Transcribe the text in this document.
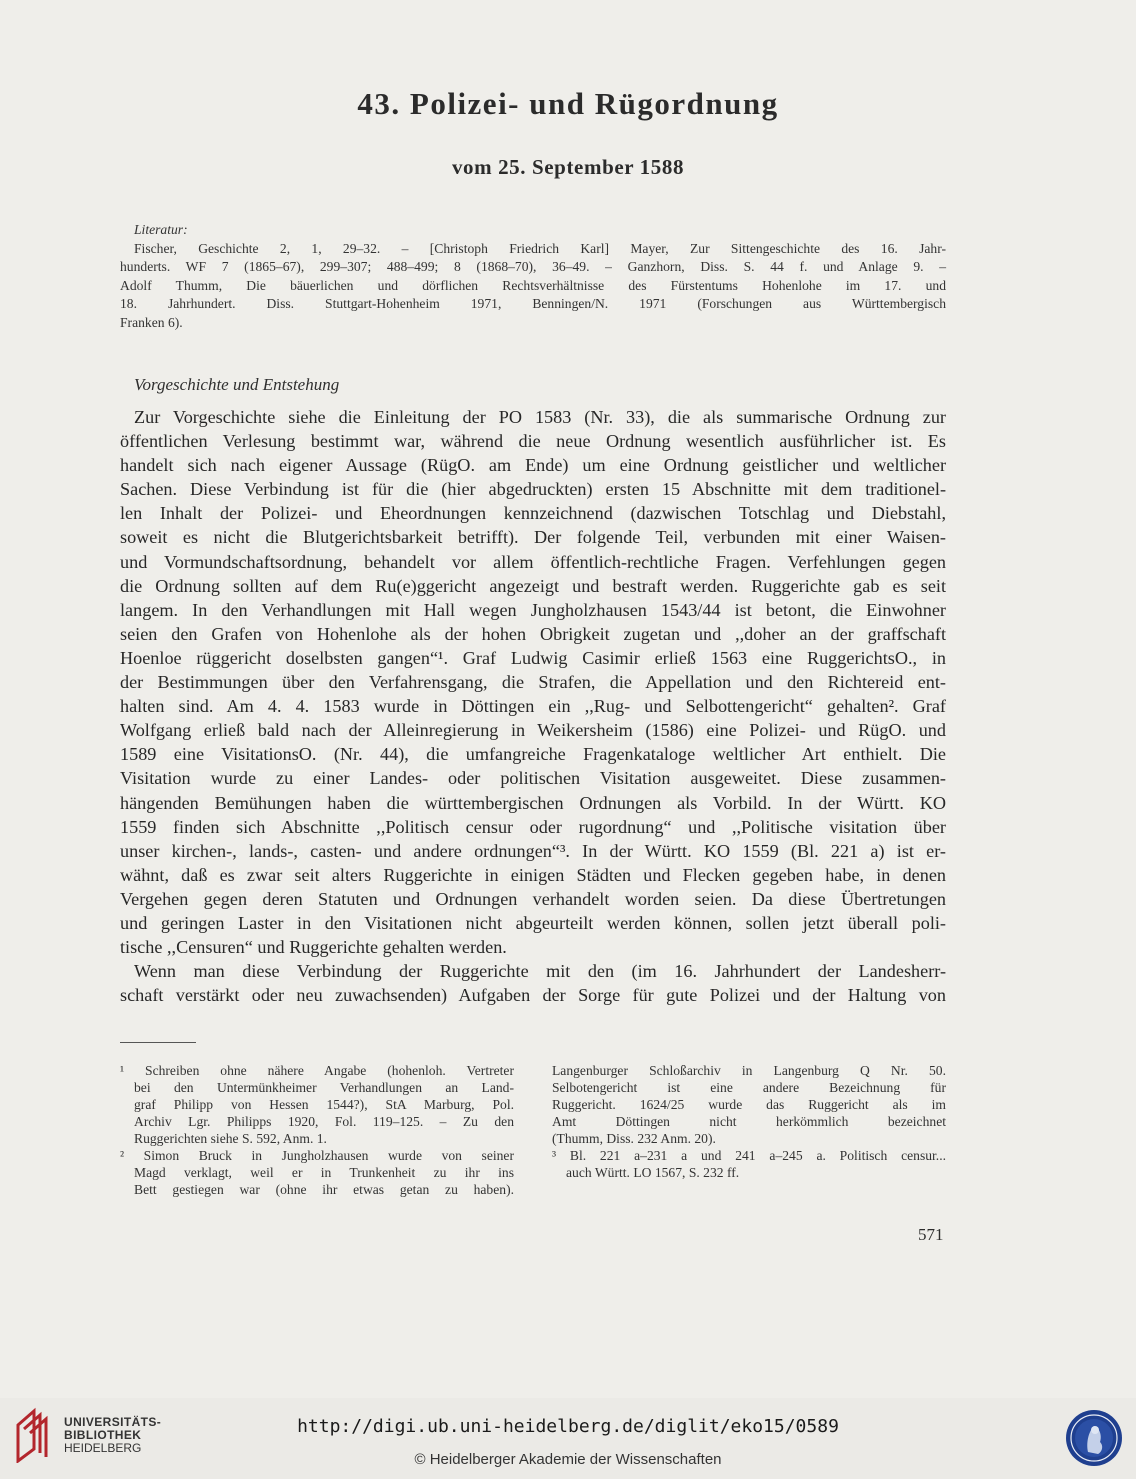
43. Polizei- und Rügordnung
vom 25. September 1588
Literatur:
Fischer, Geschichte 2, 1, 29–32. – [Christoph Friedrich Karl] Mayer, Zur Sittengeschichte des 16. Jahr-
hunderts. WF 7 (1865–67), 299–307; 488–499; 8 (1868–70), 36–49. – Ganzhorn, Diss. S. 44 f. und Anlage 9. –
Adolf Thumm, Die bäuerlichen und dörflichen Rechtsverhältnisse des Fürstentums Hohenlohe im 17. und
18. Jahrhundert. Diss. Stuttgart-Hohenheim 1971, Benningen/N. 1971 (Forschungen aus Württembergisch
Franken 6).
Vorgeschichte und Entstehung
Zur Vorgeschichte siehe die Einleitung der PO 1583 (Nr. 33), die als summarische Ordnung zur
öffentlichen Verlesung bestimmt war, während die neue Ordnung wesentlich ausführlicher ist. Es
handelt sich nach eigener Aussage (RügO. am Ende) um eine Ordnung geistlicher und weltlicher
Sachen. Diese Verbindung ist für die (hier abgedruckten) ersten 15 Abschnitte mit dem traditionel-
len Inhalt der Polizei- und Eheordnungen kennzeichnend (dazwischen Totschlag und Diebstahl,
soweit es nicht die Blutgerichtsbarkeit betrifft). Der folgende Teil, verbunden mit einer Waisen-
und Vormundschaftsordnung, behandelt vor allem öffentlich-rechtliche Fragen. Verfehlungen gegen
die Ordnung sollten auf dem Ru(e)ggericht angezeigt und bestraft werden. Ruggerichte gab es seit
langem. In den Verhandlungen mit Hall wegen Jungholzhausen 1543/44 ist betont, die Einwohner
seien den Grafen von Hohenlohe als der hohen Obrigkeit zugetan und ,,doher an der graffschaft
Hoenloe rüggericht doselbsten gangen“¹. Graf Ludwig Casimir erließ 1563 eine RuggerichtsO., in
der Bestimmungen über den Verfahrensgang, die Strafen, die Appellation und den Richtereid ent-
halten sind. Am 4. 4. 1583 wurde in Döttingen ein ,,Rug- und Selbottengericht“ gehalten². Graf
Wolfgang erließ bald nach der Alleinregierung in Weikersheim (1586) eine Polizei- und RügO. und
1589 eine VisitationsO. (Nr. 44), die umfangreiche Fragenkataloge weltlicher Art enthielt. Die
Visitation wurde zu einer Landes- oder politischen Visitation ausgeweitet. Diese zusammen-
hängenden Bemühungen haben die württembergischen Ordnungen als Vorbild. In der Württ. KO
1559 finden sich Abschnitte ,,Politisch censur oder rugordnung“ und ,,Politische visitation über
unser kirchen-, lands-, casten- und andere ordnungen“³. In der Württ. KO 1559 (Bl. 221 a) ist er-
wähnt, daß es zwar seit alters Ruggerichte in einigen Städten und Flecken gegeben habe, in denen
Vergehen gegen deren Statuten und Ordnungen verhandelt worden seien. Da diese Übertretungen
und geringen Laster in den Visitationen nicht abgeurteilt werden können, sollen jetzt überall poli-
tische ,,Censuren“ und Ruggerichte gehalten werden.
Wenn man diese Verbindung der Ruggerichte mit den (im 16. Jahrhundert der Landesherr-
schaft verstärkt oder neu zuwachsenden) Aufgaben der Sorge für gute Polizei und der Haltung von
¹ Schreiben ohne nähere Angabe (hohenloh. Vertreter
bei den Untermünkheimer Verhandlungen an Land-
graf Philipp von Hessen 1544?), StA Marburg, Pol.
Archiv Lgr. Philipps 1920, Fol. 119–125. – Zu den
Ruggerichten siehe S. 592, Anm. 1.
² Simon Bruck in Jungholzhausen wurde von seiner
Magd verklagt, weil er in Trunkenheit zu ihr ins
Bett gestiegen war (ohne ihr etwas getan zu haben).
Langenburger Schloßarchiv in Langenburg Q Nr. 50.
Selbotengericht ist eine andere Bezeichnung für
Ruggericht. 1624/25 wurde das Ruggericht als im
Amt Döttingen nicht herkömmlich bezeichnet
(Thumm, Diss. 232 Anm. 20).
³ Bl. 221 a–231 a und 241 a–245 a. Politisch censur...
auch Württ. LO 1567, S. 232 ff.
571
UNIVERSITÄTS-
BIBLIOTHEK
HEIDELBERG
http://digi.ub.uni-heidelberg.de/diglit/eko15/0589
© Heidelberger Akademie der Wissenschaften
